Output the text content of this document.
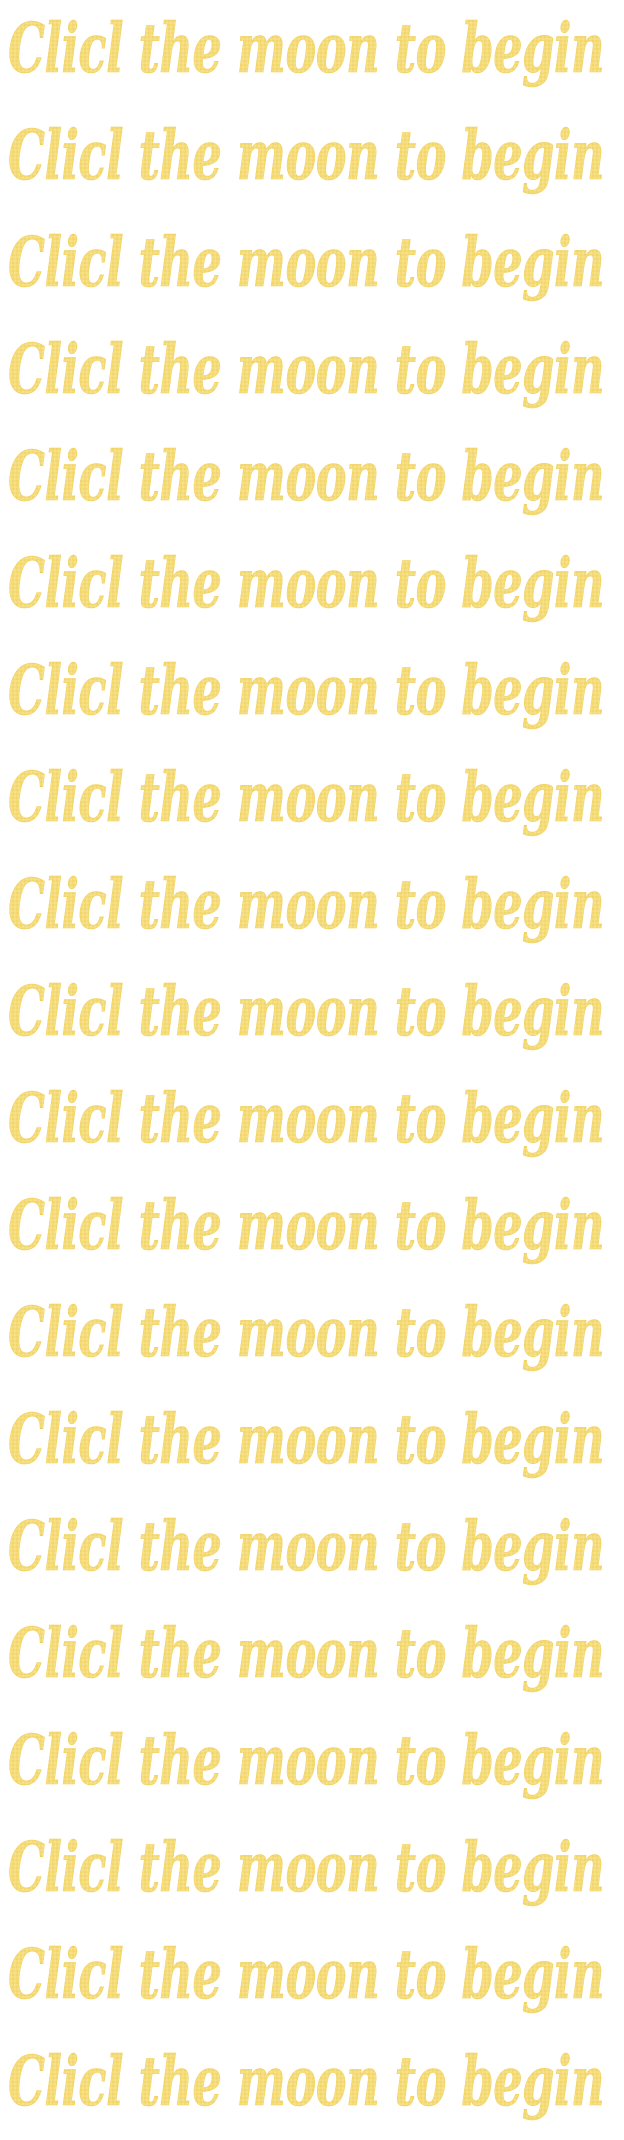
Clicl the moon to begin
Clicl the moon to begin
Clicl the moon to begin
Clicl the moon to begin
Clicl the moon to begin
Clicl the moon to begin
Clicl the moon to begin
Clicl the moon to begin
Clicl the moon to begin
Clicl the moon to begin
Clicl the moon to begin
Clicl the moon to begin
Clicl the moon to begin
Clicl the moon to begin
Clicl the moon to begin
Clicl the moon to begin
Clicl the moon to begin
Clicl the moon to begin
Clicl the moon to begin
Clicl the moon to begin
